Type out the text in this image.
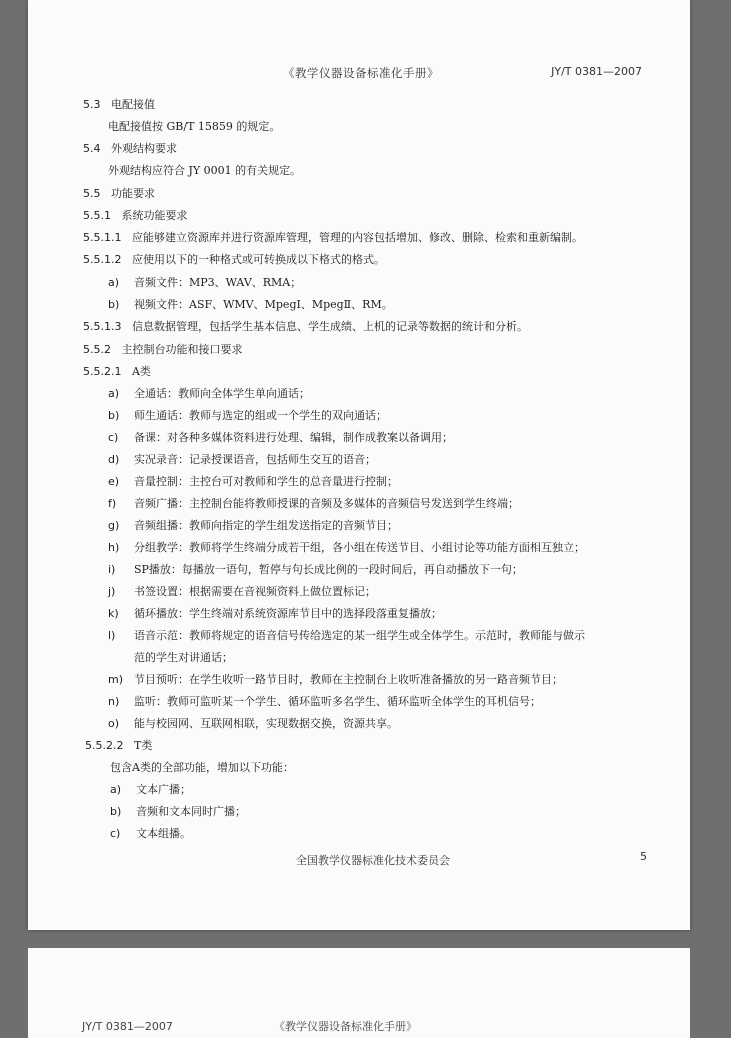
《教学仪器设备标准化手册》	JY/T 0381—2007
5.3 电配接值
电配接值按 GB/T 15859 的规定。
5.4 外观结构要求
外观结构应符合 JY 0001 的有关规定。
5.5 功能要求
5.5.1 系统功能要求
5.5.1.1 应能够建立资源库并进行资源库管理，管理的内容包括增加、修改、删除、检索和重新编制。
5.5.1.2 应使用以下的一种格式或可转换成以下格式的格式。
a) 音频文件：MP3、WAV、RMA；
b) 视频文件：ASF、WMV、MpegⅠ、MpegⅡ、RM。
5.5.1.3 信息数据管理，包括学生基本信息、学生成绩、上机的记录等数据的统计和分析。
5.5.2 主控制台功能和接口要求
5.5.2.1 A类
a) 全通话：教师向全体学生单向通话；
b) 师生通话：教师与选定的组或一个学生的双向通话；
c) 备课：对各种多媒体资料进行处理、编辑，制作成教案以备调用；
d) 实况录音：记录授课语音，包括师生交互的语音；
e) 音量控制：主控台可对教师和学生的总音量进行控制；
f) 音频广播：主控制台能将教师授课的音频及多媒体的音频信号发送到学生终端；
g) 音频组播：教师向指定的学生组发送指定的音频节目；
h) 分组教学：教师将学生终端分成若干组，各小组在传送节目、小组讨论等功能方面相互独立；
i) SP播放：每播放一语句，暂停与句长成比例的一段时间后，再自动播放下一句；
j) 书签设置：根据需要在音视频资料上做位置标记；
k) 循环播放：学生终端对系统资源库节目中的选择段落重复播放；
l) 语音示范：教师将规定的语音信号传给选定的某一组学生或全体学生。示范时，教师能与做示
范的学生对讲通话；
m) 节目预听：在学生收听一路节目时，教师在主控制台上收听准备播放的另一路音频节目；
n) 监听：教师可监听某一个学生、循环监听多名学生、循环监听全体学生的耳机信号；
o) 能与校园网、互联网相联，实现数据交换，资源共享。
5.5.2.2 T类
包含A类的全部功能，增加以下功能：
a) 文本广播；
b) 音频和文本同时广播；
c) 文本组播。
全国教学仪器标准化技术委员会	5
JY/T 0381—2007	《教学仪器设备标准化手册》
